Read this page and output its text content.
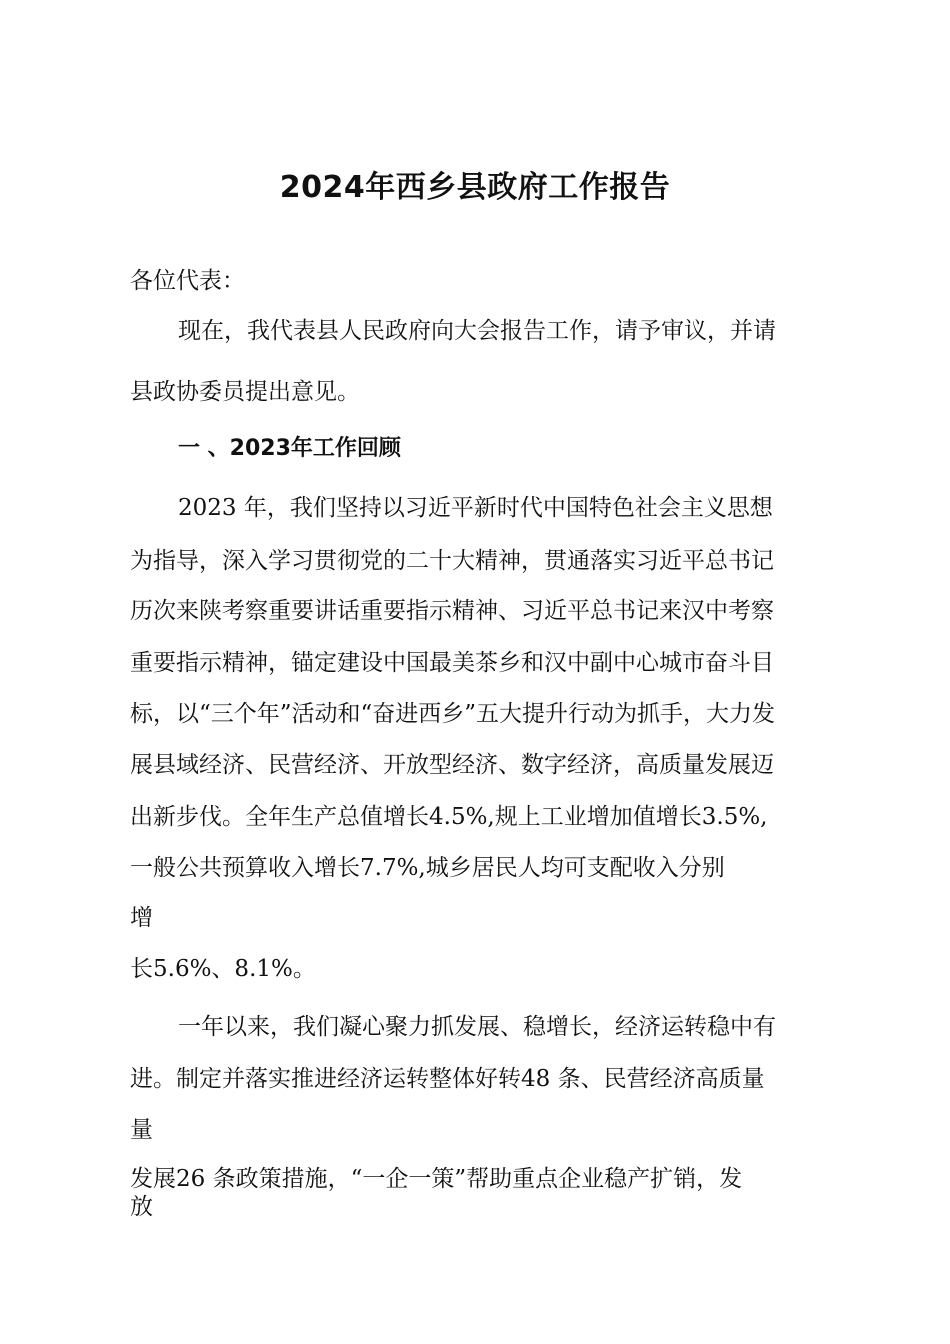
2024年西乡县政府工作报告
各位代表：
现在，我代表县人民政府向大会报告工作，请予审议，并请
县政协委员提出意见。
一 、2023年工作回顾
2023 年，我们坚持以习近平新时代中国特色社会主义思想
为指导，深入学习贯彻党的二十大精神，贯通落实习近平总书记
历次来陕考察重要讲话重要指示精神、习近平总书记来汉中考察
重要指示精神，锚定建设中国最美茶乡和汉中副中心城市奋斗目
标，以“三个年”活动和“奋进西乡”五大提升行动为抓手，大力发
展县域经济、民营经济、开放型经济、数字经济，高质量发展迈
出新步伐。全年生产总值增长4.5%,规上工业增加值增长3.5%,
一般公共预算收入增长7.7%,城乡居民人均可支配收入分别
增
长5.6%、8.1%。
一年以来，我们凝心聚力抓发展、稳增长，经济运转稳中有
进。制定并落实推进经济运转整体好转48 条、民营经济高质量
量
发展26 条政策措施，“一企一策”帮助重点企业稳产扩销，发
放
